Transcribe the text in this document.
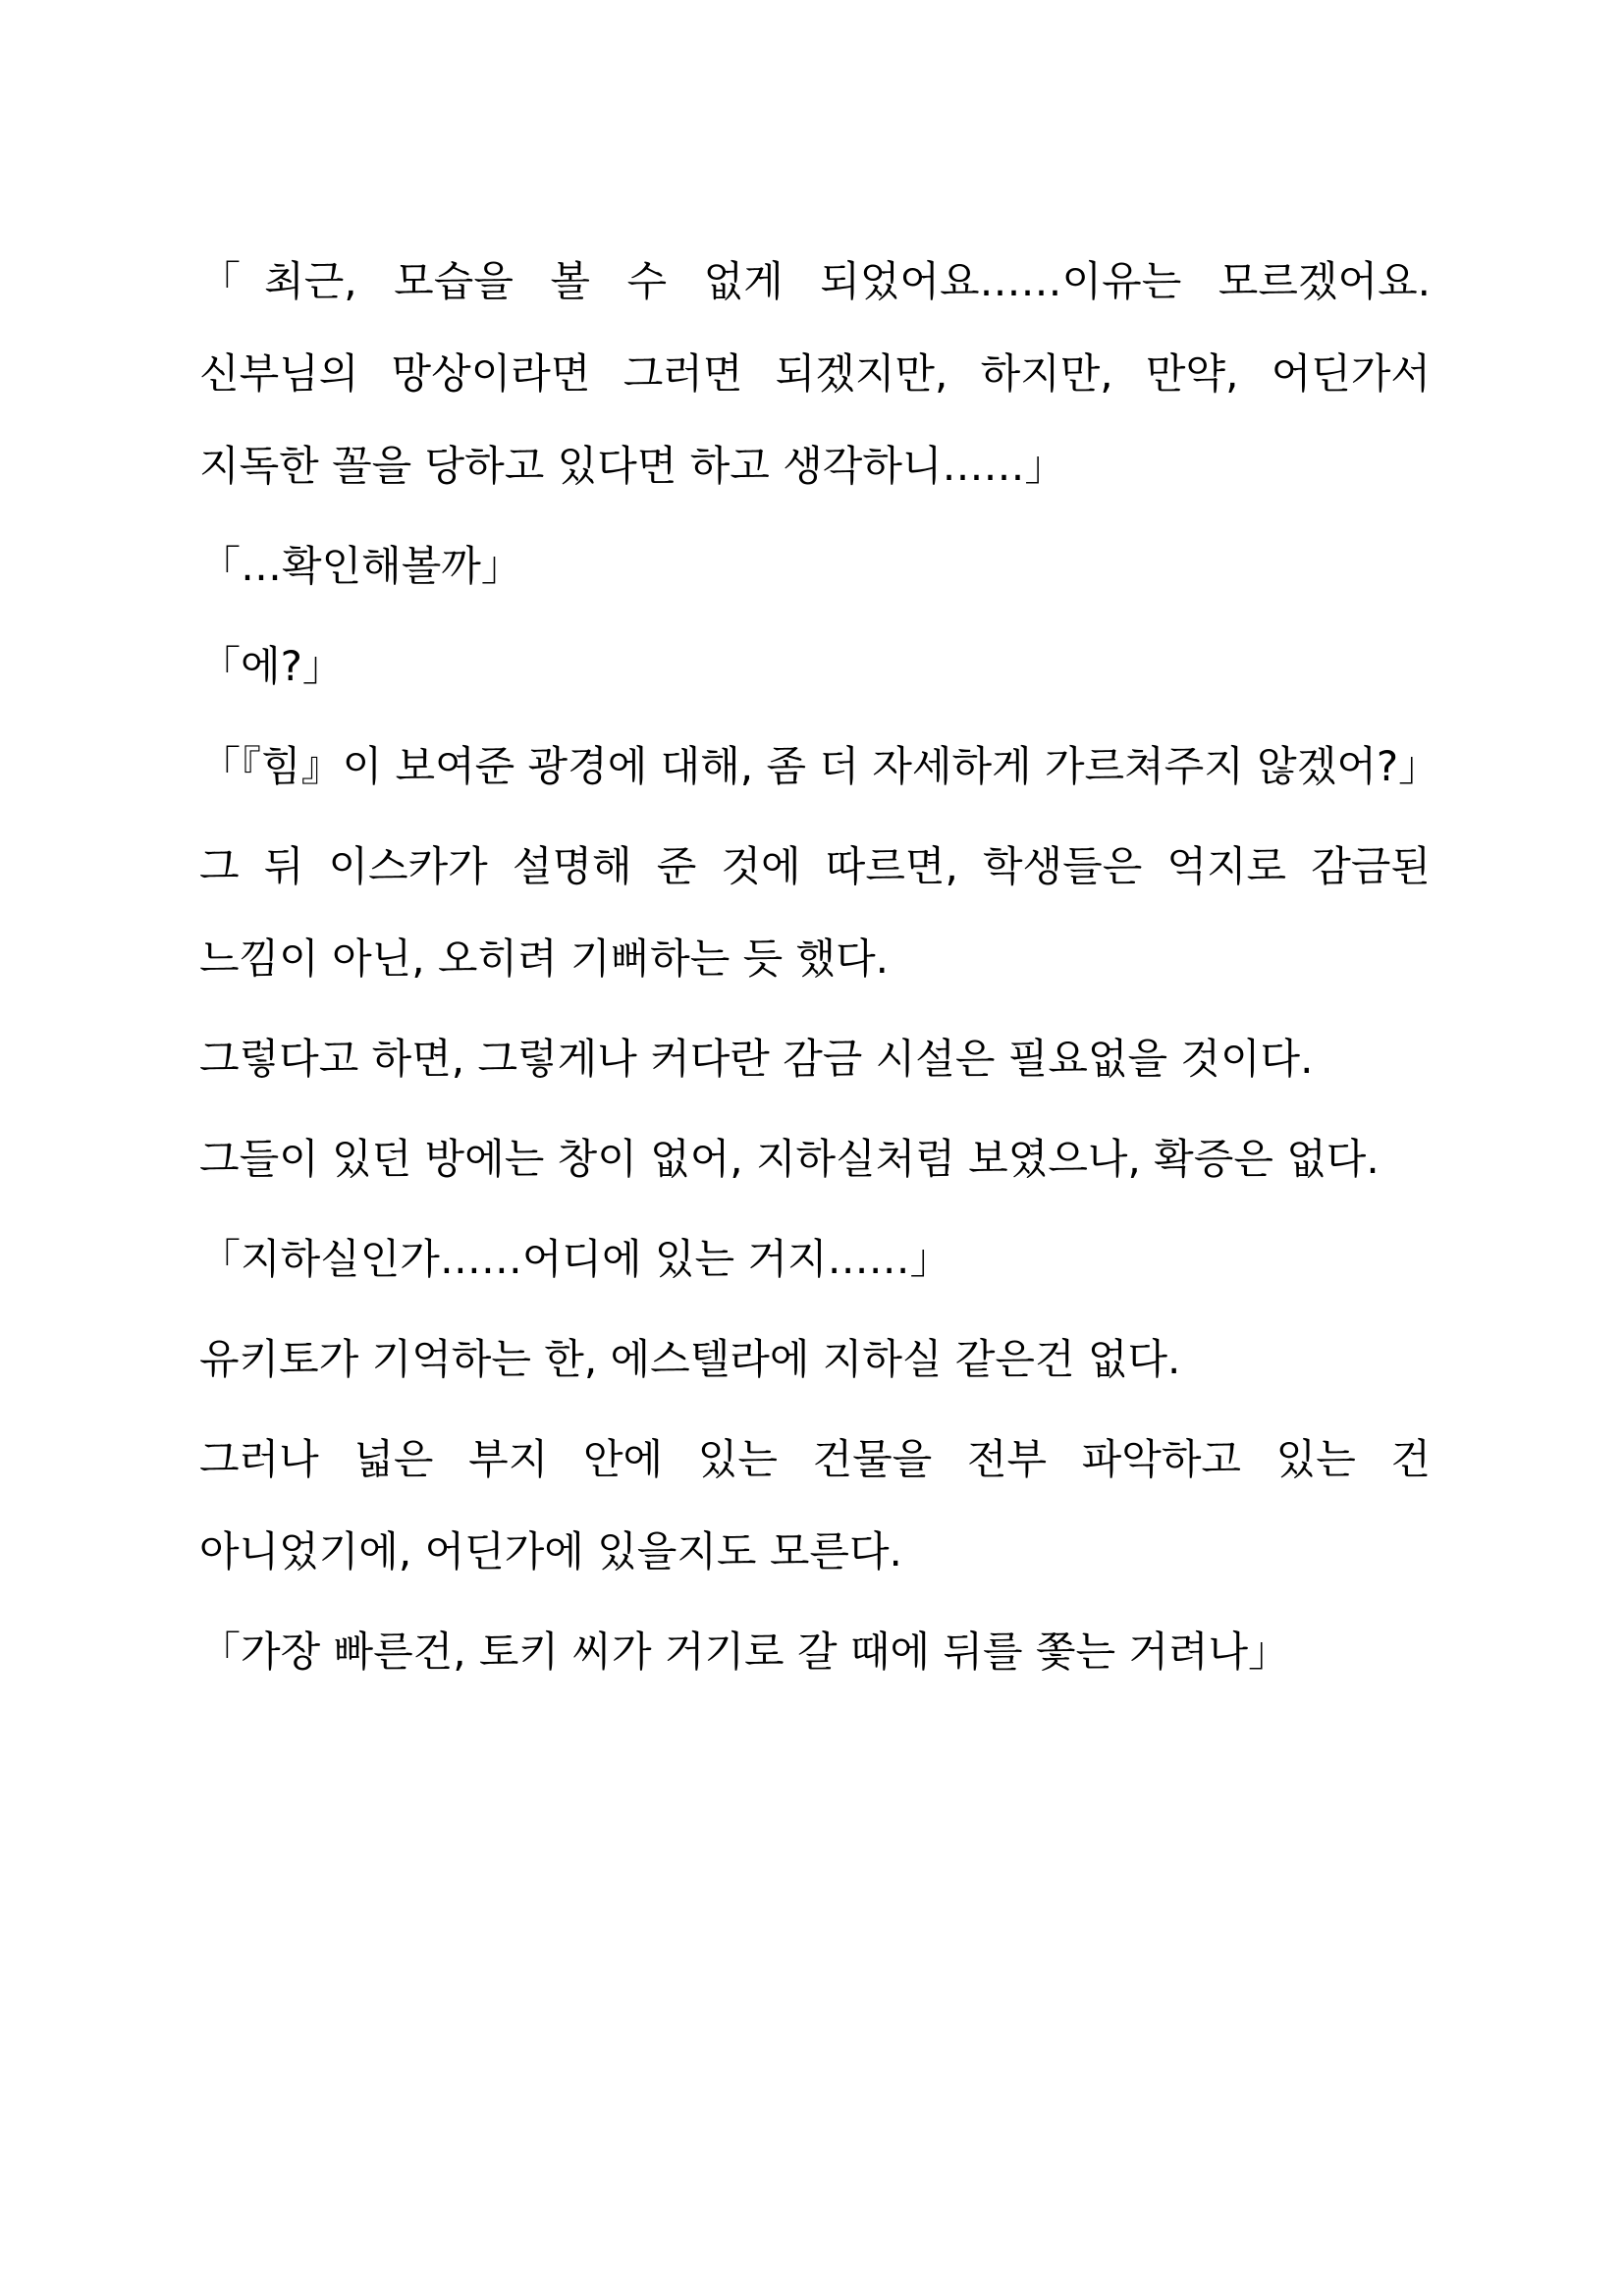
「최근, 모습을 볼 수 없게 되었어요……이유는 모르겠어요. 신부님의 망상이라면 그러면 되겠지만, 하지만, 만약, 어딘가서 지독한 꼴을 당하고 있다면 하고 생각하니……」

「…확인해볼까」

「에?」

「『힘』이 보여준 광경에 대해, 좀 더 자세하게 가르쳐주지 않겠어?」

그 뒤 이스카가 설명해 준 것에 따르면, 학생들은 억지로 감금된 느낌이 아닌, 오히려 기뻐하는 듯 했다.

그렇다고 하면, 그렇게나 커다란 감금 시설은 필요없을 것이다.

그들이 있던 방에는 창이 없어, 지하실처럼 보였으나, 확증은 없다.

「지하실인가……어디에 있는 거지……」

유키토가 기억하는 한, 에스텔라에 지하실 같은건 없다.

그러나 넓은 부지 안에 있는 건물을 전부 파악하고 있는 건 아니었기에, 어딘가에 있을지도 모른다.

「가장 빠른건, 토키 씨가 거기로 갈 때에 뒤를 쫓는 거려나」
